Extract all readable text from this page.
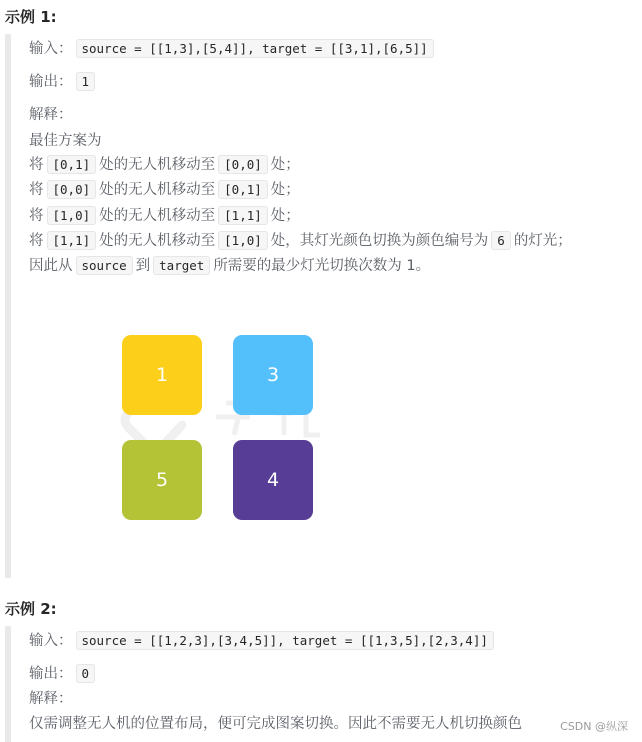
示例 1:
输入： source = [[1,3],[5,4]], target = [[3,1],[6,5]]
输出： 1
解释：
最佳方案为
将 [0,1] 处的无人机移动至 [0,0] 处；
将 [0,0] 处的无人机移动至 [0,1] 处；
将 [1,0] 处的无人机移动至 [1,1] 处；
将 [1,1] 处的无人机移动至 [1,0] 处，其灯光颜色切换为颜色编号为 6 的灯光；
因此从 source 到 target 所需要的最少灯光切换次数为 1。
1	3
5	4
示例 2:
输入： source = [[1,2,3],[3,4,5]], target = [[1,3,5],[2,3,4]]
输出： 0
解释：
仅需调整无人机的位置布局，便可完成图案切换。因此不需要无人机切换颜色	CSDN @纵深
